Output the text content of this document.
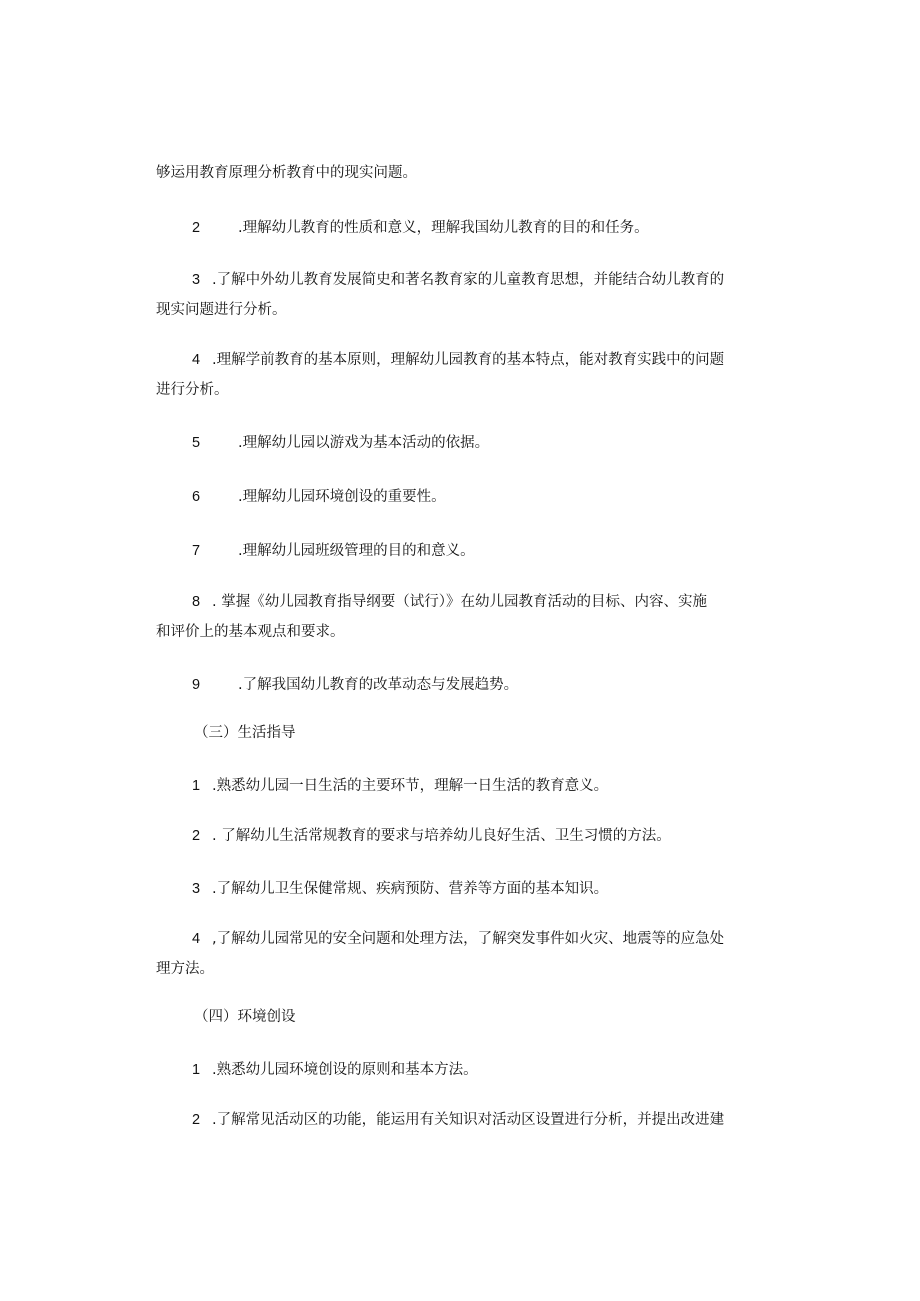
够运用教育原理分析教育中的现实问题。
2	.理解幼儿教育的性质和意义，理解我国幼儿教育的目的和任务。
3 .了解中外幼儿教育发展简史和著名教育家的儿童教育思想，并能结合幼儿教育的
现实问题进行分析。
4 .理解学前教育的基本原则，理解幼儿园教育的基本特点，能对教育实践中的问题
进行分析。
5	.理解幼儿园以游戏为基本活动的依据。
6	.理解幼儿园环境创设的重要性。
7	.理解幼儿园班级管理的目的和意义。
8 . 掌握《幼儿园教育指导纲要（试行）》在幼儿园教育活动的目标、内容、实施
和评价上的基本观点和要求。
9	.了解我国幼儿教育的改革动态与发展趋势。
（三）生活指导
1 .熟悉幼儿园一日生活的主要环节，理解一日生活的教育意义。
2 . 了解幼儿生活常规教育的要求与培养幼儿良好生活、卫生习惯的方法。
3 .了解幼儿卫生保健常规、疾病预防、营养等方面的基本知识。
4 ,了解幼儿园常见的安全问题和处理方法，了解突发事件如火灾、地震等的应急处
理方法。
（四）环境创设
1 .熟悉幼儿园环境创设的原则和基本方法。
2 .了解常见活动区的功能，能运用有关知识对活动区设置进行分析，并提出改进建
